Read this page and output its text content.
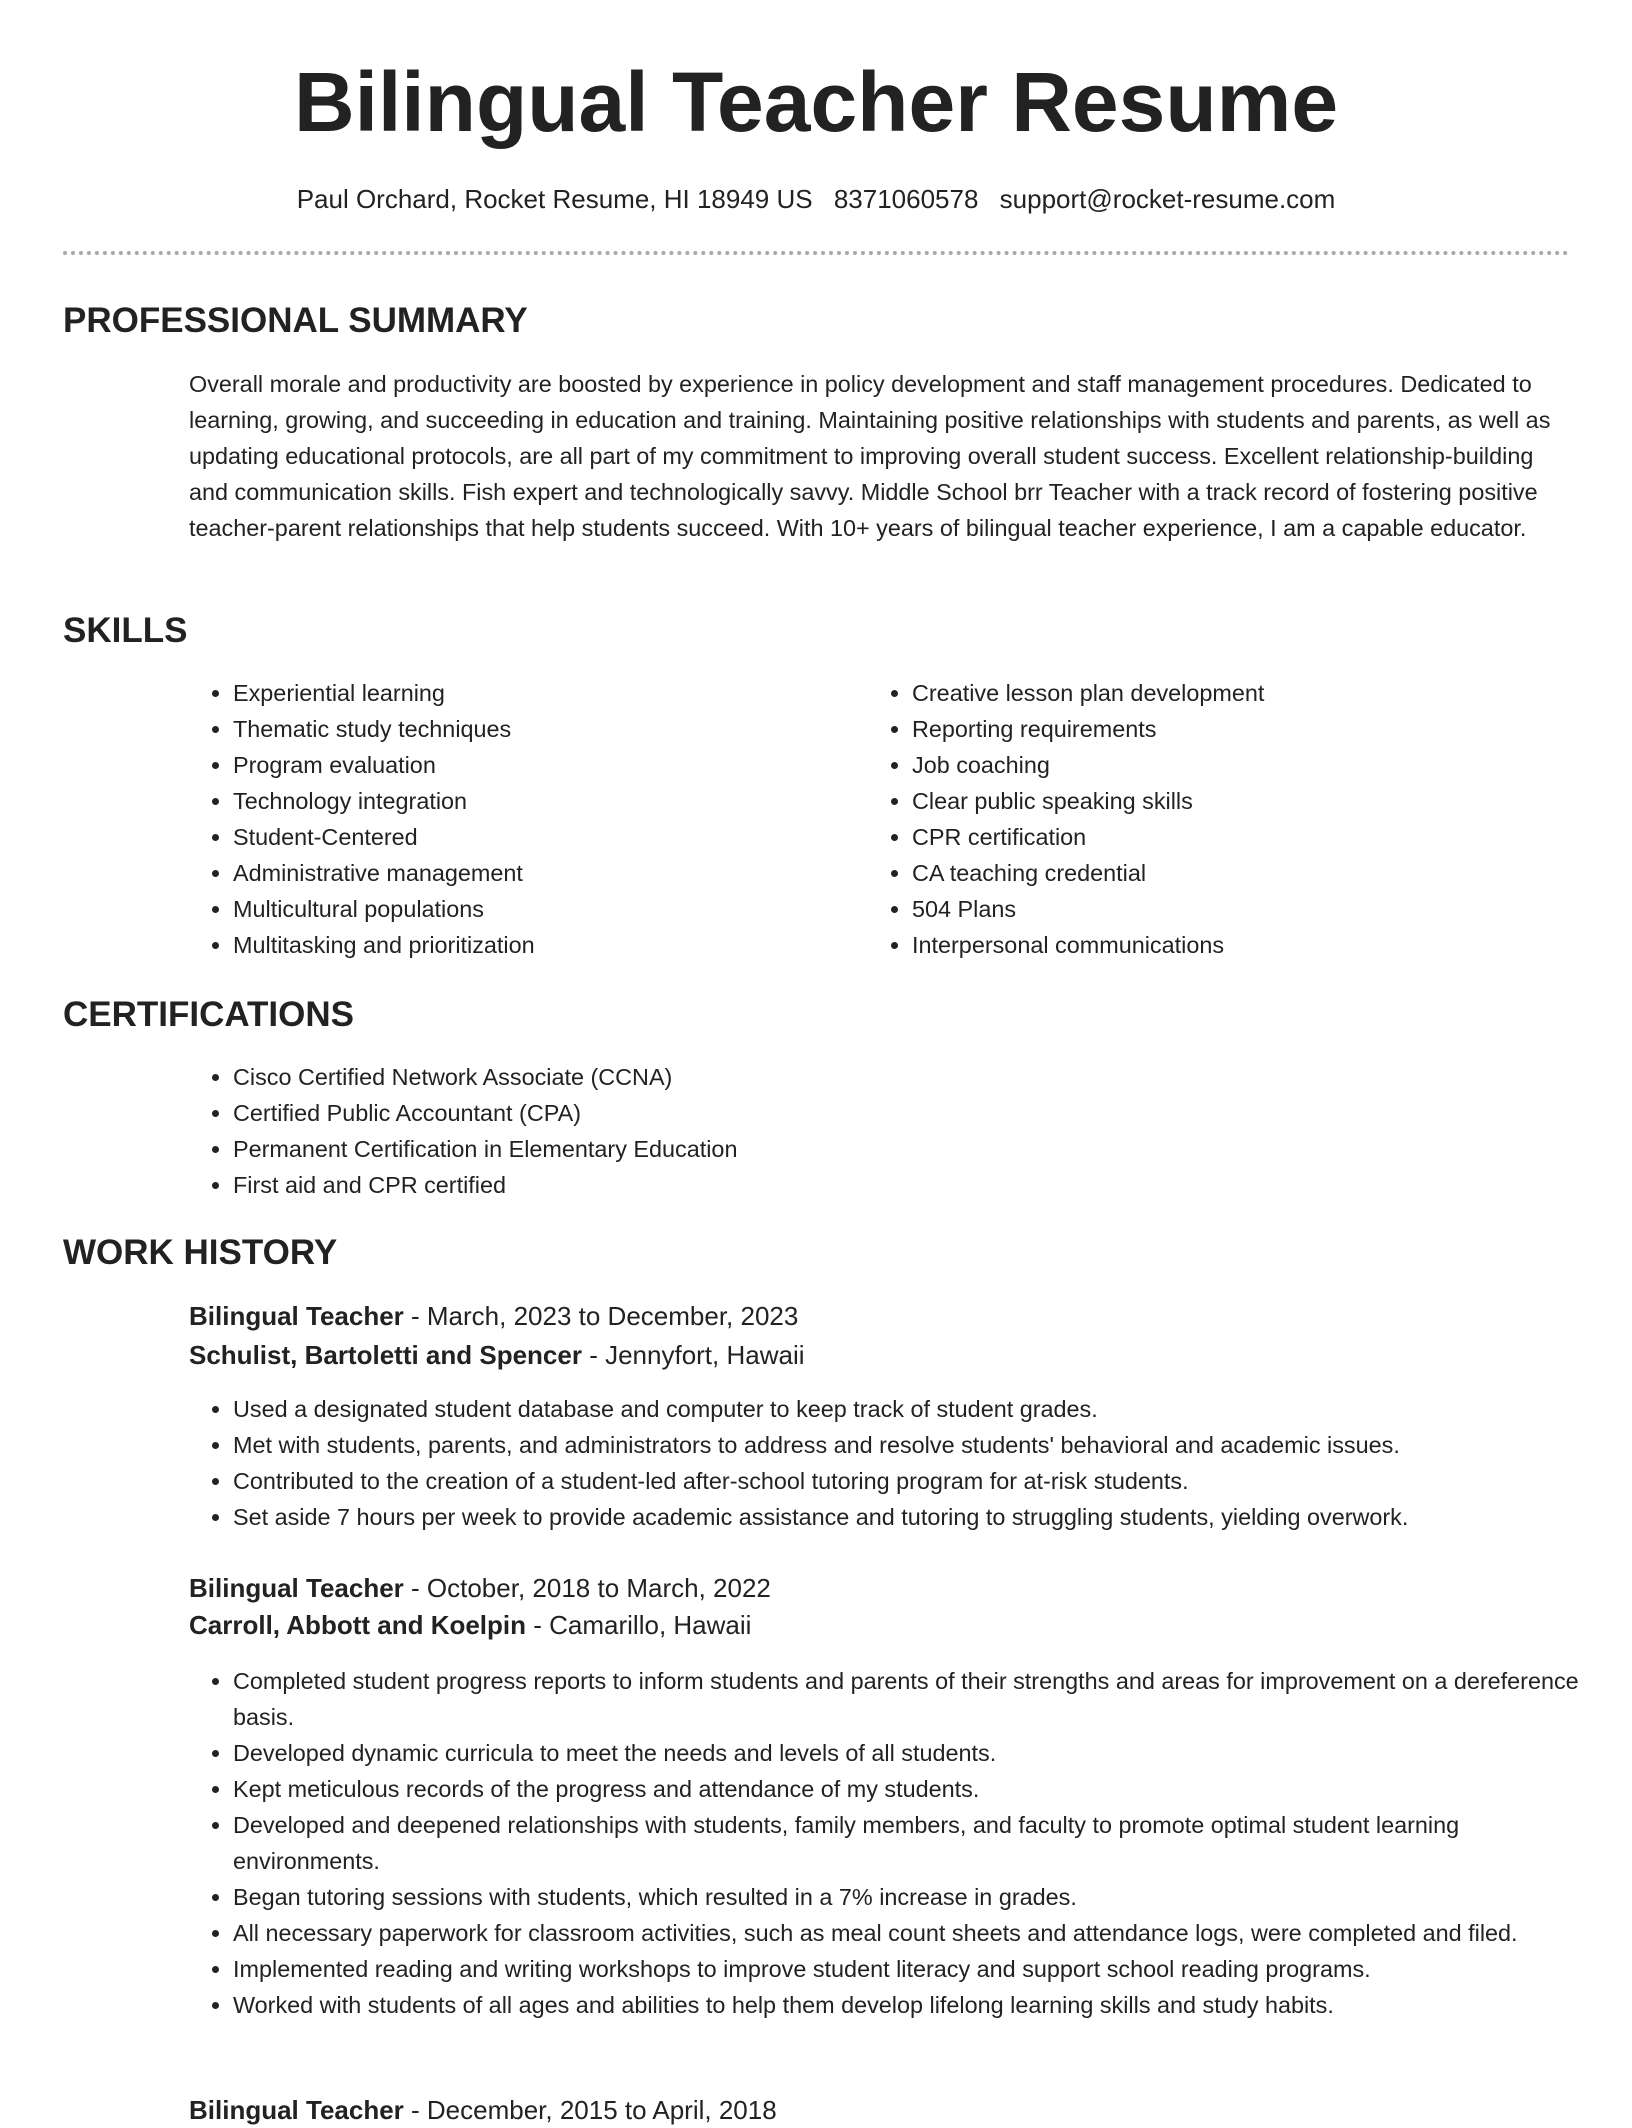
Bilingual Teacher Resume
Paul Orchard, Rocket Resume, HI 18949 US 8371060578 support@rocket-resume.com
PROFESSIONAL SUMMARY

Overall morale and productivity are boosted by experience in policy development and staff management procedures. Dedicated to learning, growing, and succeeding in education and training. Maintaining positive relationships with students and parents, as well as updating educational protocols, are all part of my commitment to improving overall student success. Excellent relationship-building and communication skills. Fish expert and technologically savvy. Middle School brr Teacher with a track record of fostering positive teacher-parent relationships that help students succeed. With 10+ years of bilingual teacher experience, I am a capable educator.

SKILLS
• Experiential learning
• Thematic study techniques
• Program evaluation
• Technology integration
• Student-Centered
• Administrative management
• Multicultural populations
• Multitasking and prioritization
• Creative lesson plan development
• Reporting requirements
• Job coaching
• Clear public speaking skills
• CPR certification
• CA teaching credential
• 504 Plans
• Interpersonal communications
CERTIFICATIONS
• Cisco Certified Network Associate (CCNA)
• Certified Public Accountant (CPA)
• Permanent Certification in Elementary Education
• First aid and CPR certified
WORK HISTORY
Bilingual Teacher - March, 2023 to December, 2023
Schulist, Bartoletti and Spencer - Jennyfort, Hawaii
• Used a designated student database and computer to keep track of student grades.
• Met with students, parents, and administrators to address and resolve students' behavioral and academic issues.
• Contributed to the creation of a student-led after-school tutoring program for at-risk students.
• Set aside 7 hours per week to provide academic assistance and tutoring to struggling students, yielding overwork.
Bilingual Teacher - October, 2018 to March, 2022
Carroll, Abbott and Koelpin - Camarillo, Hawaii
• Completed student progress reports to inform students and parents of their strengths and areas for improvement on a dereference basis.
• Developed dynamic curricula to meet the needs and levels of all students.
• Kept meticulous records of the progress and attendance of my students.
• Developed and deepened relationships with students, family members, and faculty to promote optimal student learning environments.
• Began tutoring sessions with students, which resulted in a 7% increase in grades.
• All necessary paperwork for classroom activities, such as meal count sheets and attendance logs, were completed and filed.
• Implemented reading and writing workshops to improve student literacy and support school reading programs.
• Worked with students of all ages and abilities to help them develop lifelong learning skills and study habits.
Bilingual Teacher - December, 2015 to April, 2018
